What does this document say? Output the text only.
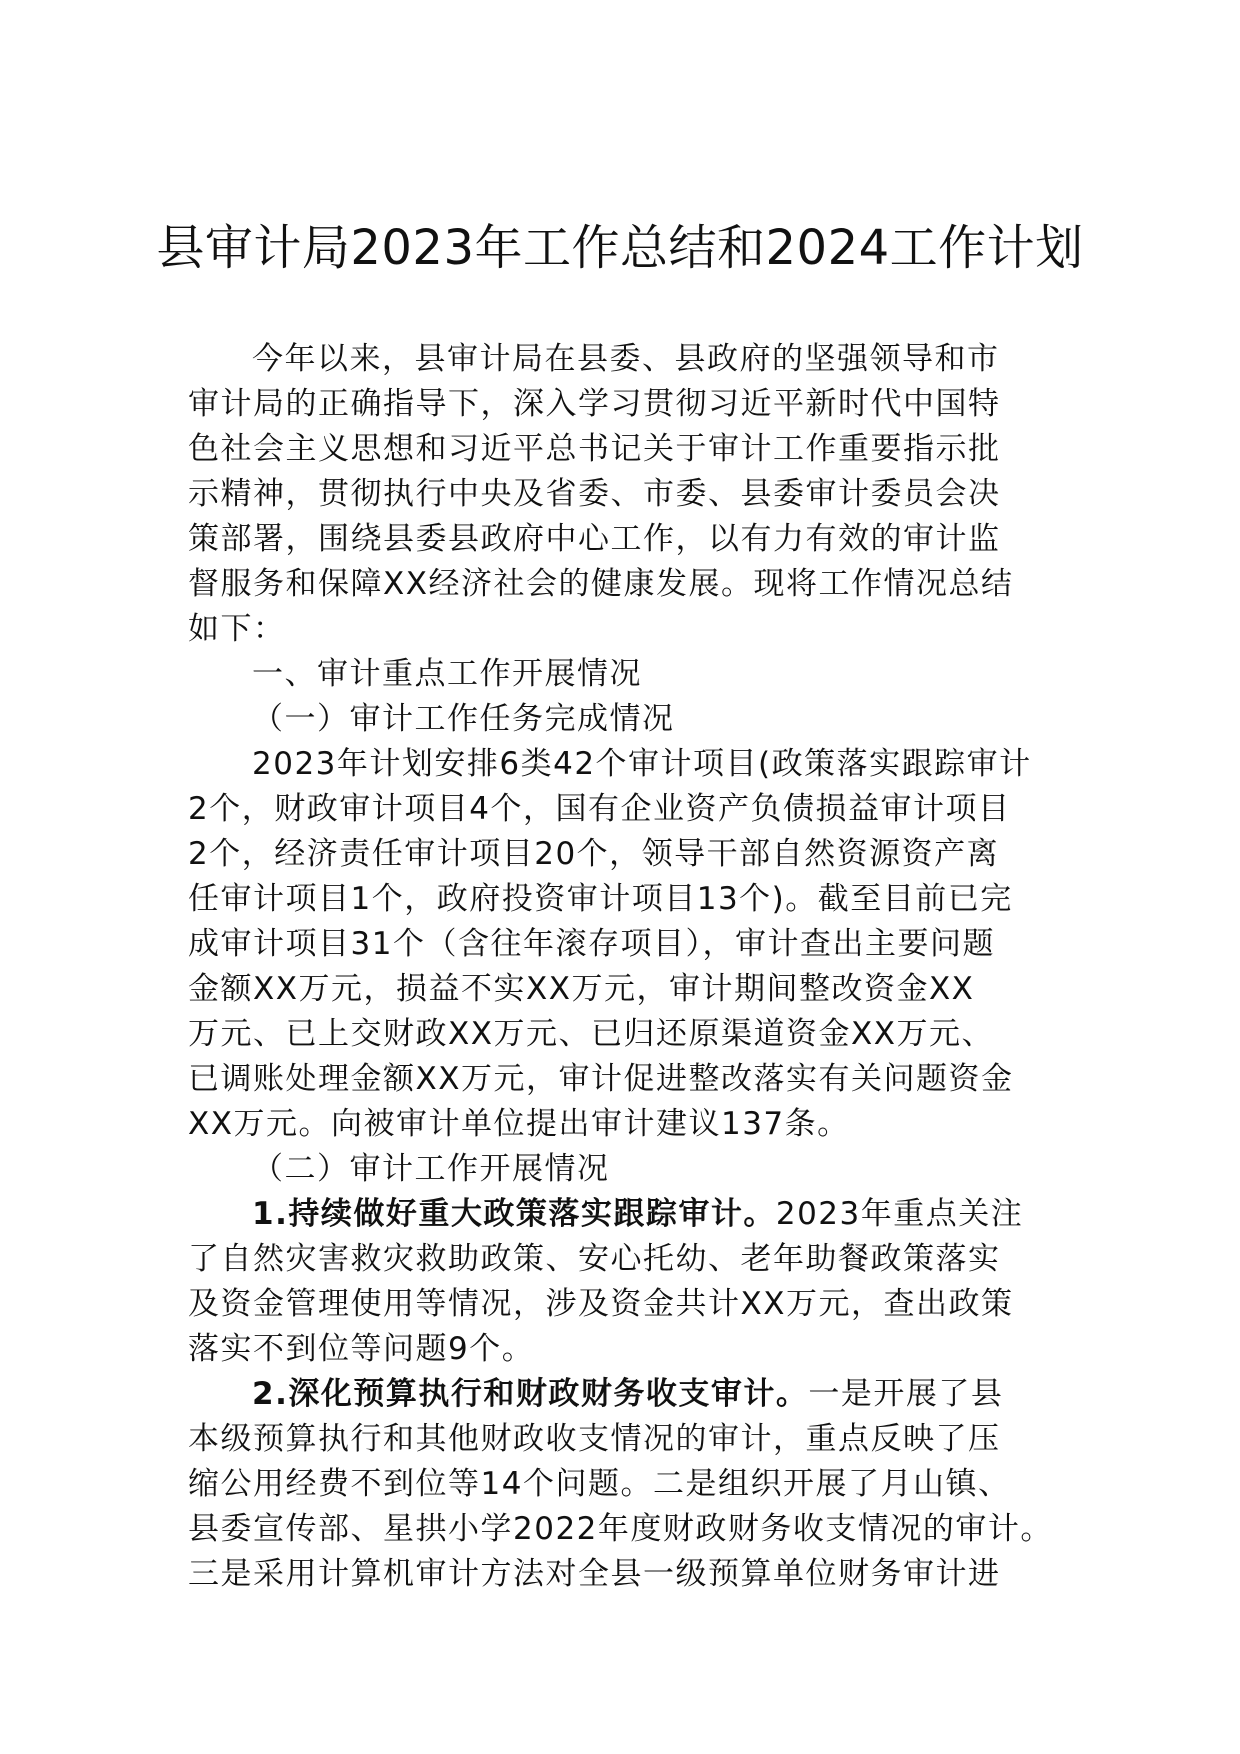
县审计局2023年工作总结和2024工作计划
今年以来，县审计局在县委、县政府的坚强领导和市
审计局的正确指导下，深入学习贯彻习近平新时代中国特
色社会主义思想和习近平总书记关于审计工作重要指示批
示精神，贯彻执行中央及省委、市委、县委审计委员会决
策部署，围绕县委县政府中心工作，以有力有效的审计监
督服务和保障XX经济社会的健康发展。现将工作情况总结
如下：
一、审计重点工作开展情况
（一）审计工作任务完成情况
2023年计划安排6类42个审计项目(政策落实跟踪审计
2个，财政审计项目4个，国有企业资产负债损益审计项目
2个，经济责任审计项目20个，领导干部自然资源资产离
任审计项目1个，政府投资审计项目13个)。截至目前已完
成审计项目31个（含往年滚存项目），审计查出主要问题
金额XX万元，损益不实XX万元，审计期间整改资金XX
万元、已上交财政XX万元、已归还原渠道资金XX万元、
已调账处理金额XX万元，审计促进整改落实有关问题资金
XX万元。向被审计单位提出审计建议137条。
（二）审计工作开展情况
1.持续做好重大政策落实跟踪审计。2023年重点关注
了自然灾害救灾救助政策、安心托幼、老年助餐政策落实
及资金管理使用等情况，涉及资金共计XX万元，查出政策
落实不到位等问题9个。
2.深化预算执行和财政财务收支审计。一是开展了县
本级预算执行和其他财政收支情况的审计，重点反映了压
缩公用经费不到位等14个问题。二是组织开展了月山镇、
县委宣传部、星拱小学2022年度财政财务收支情况的审计。
三是采用计算机审计方法对全县一级预算单位财务审计进
